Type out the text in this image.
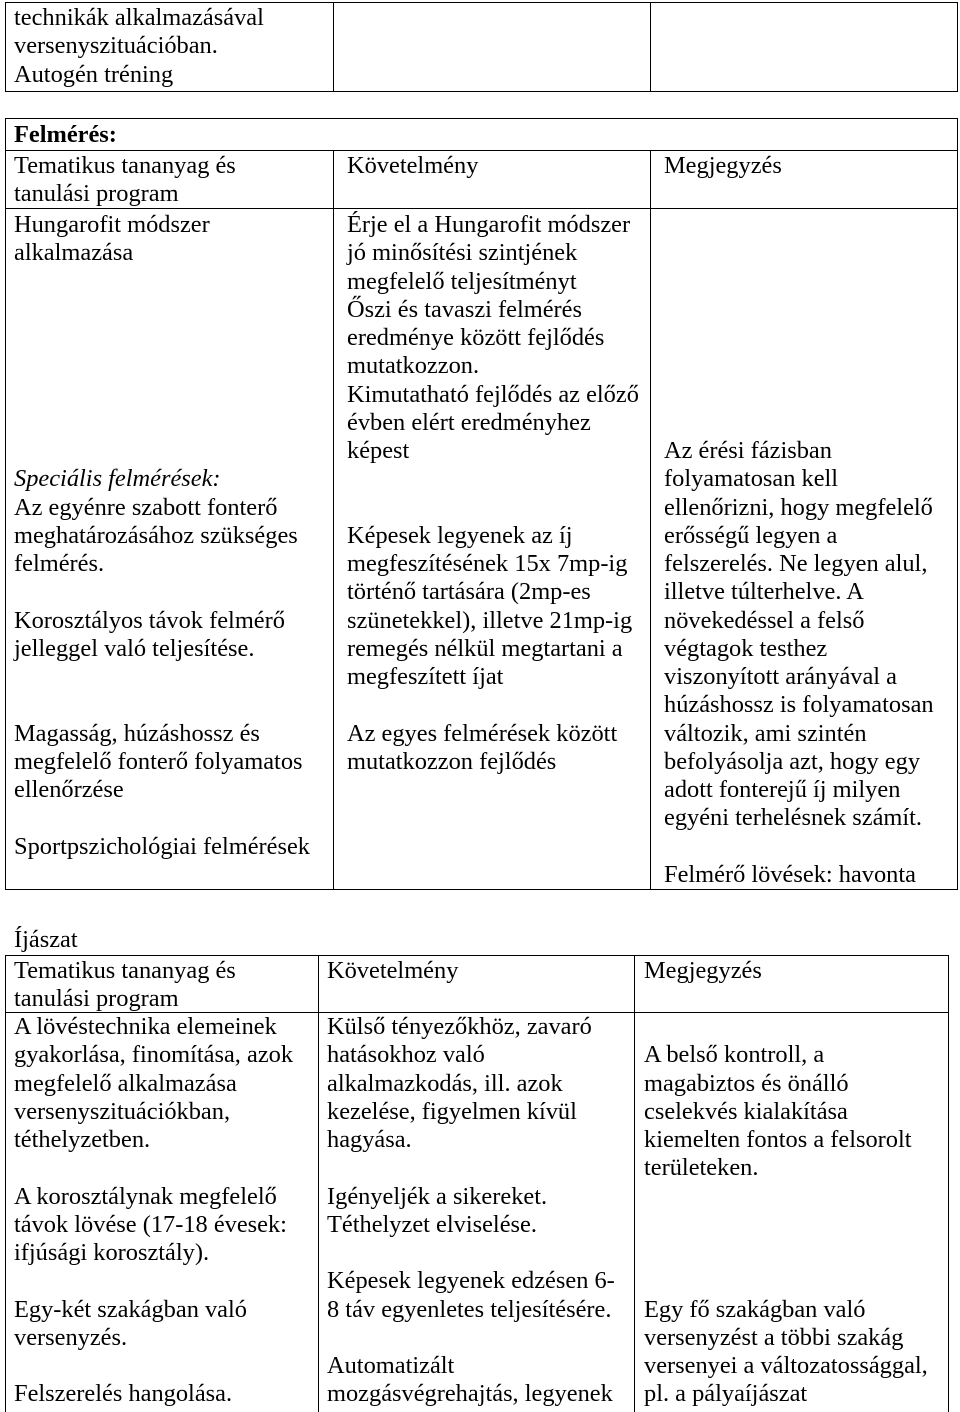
technikák alkalmazásával
versenyszituációban.
Autogén tréning
Felmérés:
Tematikus tananyag és
tanulási program
Követelmény	Megjegyzés
Hungarofit módszer
alkalmazása
Speciális felmérések:
Az egyénre szabott fonterő
meghatározásához szükséges
felmérés.
Korosztályos távok felmérő
jelleggel való teljesítése.
Magasság, húzáshossz és
megfelelő fonterő folyamatos
ellenőrzése
Sportpszichológiai felmérések
Érje el a Hungarofit módszer
jó minősítési szintjének
megfelelő teljesítményt
Őszi és tavaszi felmérés
eredménye között fejlődés
mutatkozzon.
Kimutatható fejlődés az előző
évben elért eredményhez
képest
Képesek legyenek az íj
megfeszítésének 15x 7mp-ig
történő tartására (2mp-es
szünetekkel), illetve 21mp-ig
remegés nélkül megtartani a
megfeszített íjat
Az egyes felmérések között
mutatkozzon fejlődés
Az érési fázisban
folyamatosan kell
ellenőrizni, hogy megfelelő
erősségű legyen a
felszerelés. Ne legyen alul,
illetve túlterhelve. A
növekedéssel a felső
végtagok testhez
viszonyított arányával a
húzáshossz is folyamatosan
változik, ami szintén
befolyásolja azt, hogy egy
adott fonterejű íj milyen
egyéni terhelésnek számít.
Felmérő lövések: havonta
Íjászat
Tematikus tananyag és
tanulási program
Követelmény	Megjegyzés
A lövéstechnika elemeinek
gyakorlása, finomítása, azok
megfelelő alkalmazása
versenyszituációkban,
téthelyzetben.
A korosztálynak megfelelő
távok lövése (17-18 évesek:
ifjúsági korosztály).
Egy-két szakágban való
versenyzés.
Felszerelés hangolása.
Külső tényezőkhöz, zavaró
hatásokhoz való
alkalmazkodás, ill. azok
kezelése, figyelmen kívül
hagyása.
Igényeljék a sikereket.
Téthelyzet elviselése.
Képesek legyenek edzésen 6-
8 táv egyenletes teljesítésére.
Automatizált
mozgásvégrehajtás, legyenek
A belső kontroll, a
magabiztos és önálló
cselekvés kialakítása
kiemelten fontos a felsorolt
területeken.
Egy fő szakágban való
versenyzést a többi szakág
versenyei a változatossággal,
pl. a pályaíjászat
